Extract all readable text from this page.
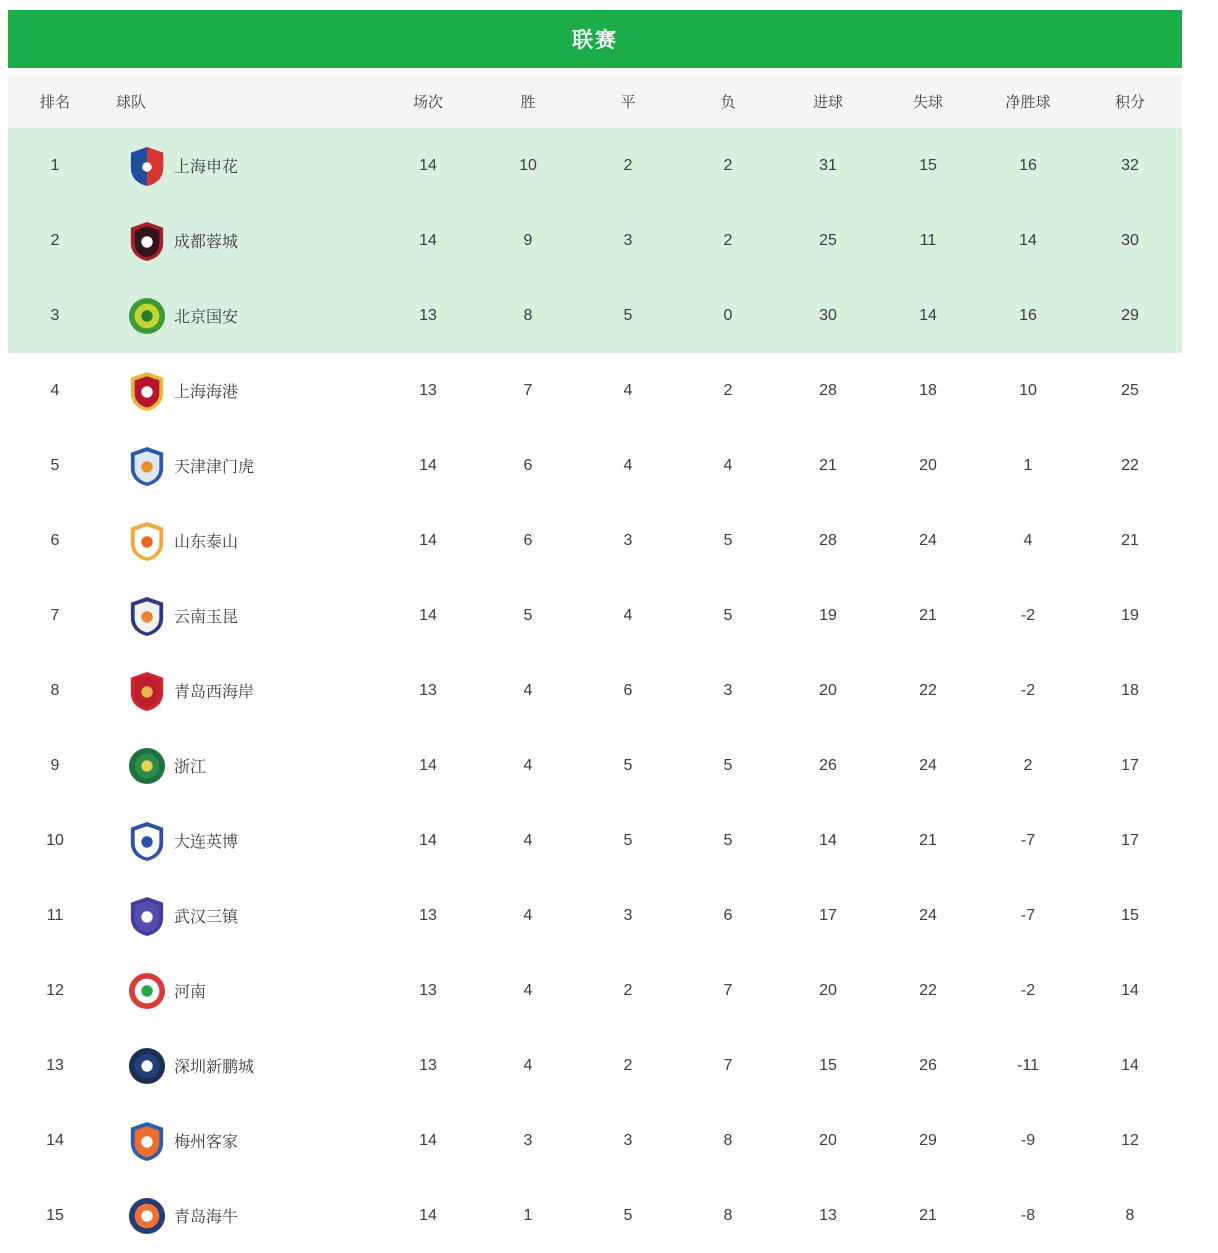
联赛
排名	球队	场次	胜	平	负	进球	失球	净胜球	积分
1	上海申花	14	10	2	2	31	15	16	32
2	成都蓉城	14	9	3	2	25	11	14	30
3	北京国安	13	8	5	0	30	14	16	29
4	上海海港	13	7	4	2	28	18	10	25
5	天津津门虎	14	6	4	4	21	20	1	22
6	山东泰山	14	6	3	5	28	24	4	21
7	云南玉昆	14	5	4	5	19	21	-2	19
8	青岛西海岸	13	4	6	3	20	22	-2	18
9	浙江	14	4	5	5	26	24	2	17
10	大连英博	14	4	5	5	14	21	-7	17
11	武汉三镇	13	4	3	6	17	24	-7	15
12	河南	13	4	2	7	20	22	-2	14
13	深圳新鹏城	13	4	2	7	15	26	-11	14
14	梅州客家	14	3	3	8	20	29	-9	12
15	青岛海牛	14	1	5	8	13	21	-8	8
